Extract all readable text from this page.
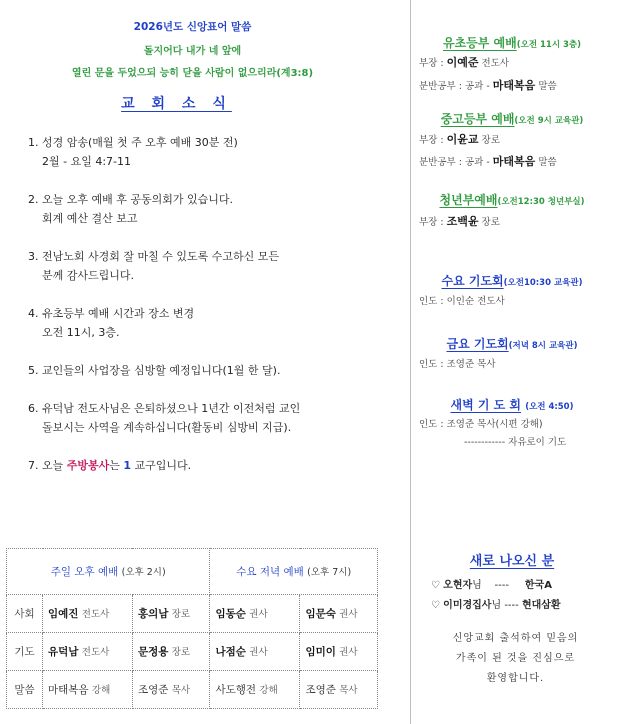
2026년도 신앙표어 말씀
돌지어다 내가 네 앞에
열린 문을 두었으되 능히 닫을 사람이 없으리라(계3:8)
교 회 소 식
1. 성경 암송(매월 첫 주 오후 예배 30분 전)
2월 - 요일 4:7-11
2. 오늘 오후 예배 후 공동의회가 있습니다.
회계 예산 결산 보고
3. 전남노회 사경회 잘 마칠 수 있도록 수고하신 모든
분께 감사드립니다.
4. 유초등부 예배 시간과 장소 변경
오전 11시, 3층.
5. 교인들의 사업장을 심방할 예정입니다(1월 한 달).
6. 유덕남 전도사님은 은퇴하셨으나 1년간 이전처럼 교인
돌보시는 사역을 계속하십니다(활동비 심방비 지급).
7. 오늘 주방봉사는 1 교구입니다.
주일 오후 예배 (오후 2시)			수요 저녁 예배 (오후 7시)	
사회	임예진 전도사	홍의남 장로	임동순 권사	임문숙 권사
기도	유덕남 전도사	문정용 장로	나점순 권사	임미이 권사
말씀	마태복음 강해	조영준 목사	사도행전 강해	조영준 목사
유초등부 예배(오전 11시 3층)
부장 : 이예준 전도사
분반공부 : 공과 - 마태복음 말씀
중고등부 예배(오전 9시 교육관)
부장 : 이윤교 장로
분반공부 : 공과 - 마태복음 말씀
청년부예배(오전12:30 청년부실)
부장 : 조백윤 장로
수요 기도회(오전10:30 교육관)
인도 : 이인순 전도사
금요 기도회(저녁 8시 교육관)
인도 : 조영준 목사
새벽 기 도 회 (오전 4:50)
인도 : 조영준 목사(시편 강해)
------------ 자유로이 기도
새로 나오신 분
♡ 오현자님 ---- 한국A
♡ 이미경집사님 ---- 현대삼환
신앙교회 출석하여 믿음의
가족이 된 것을 진심으로
환영합니다.
